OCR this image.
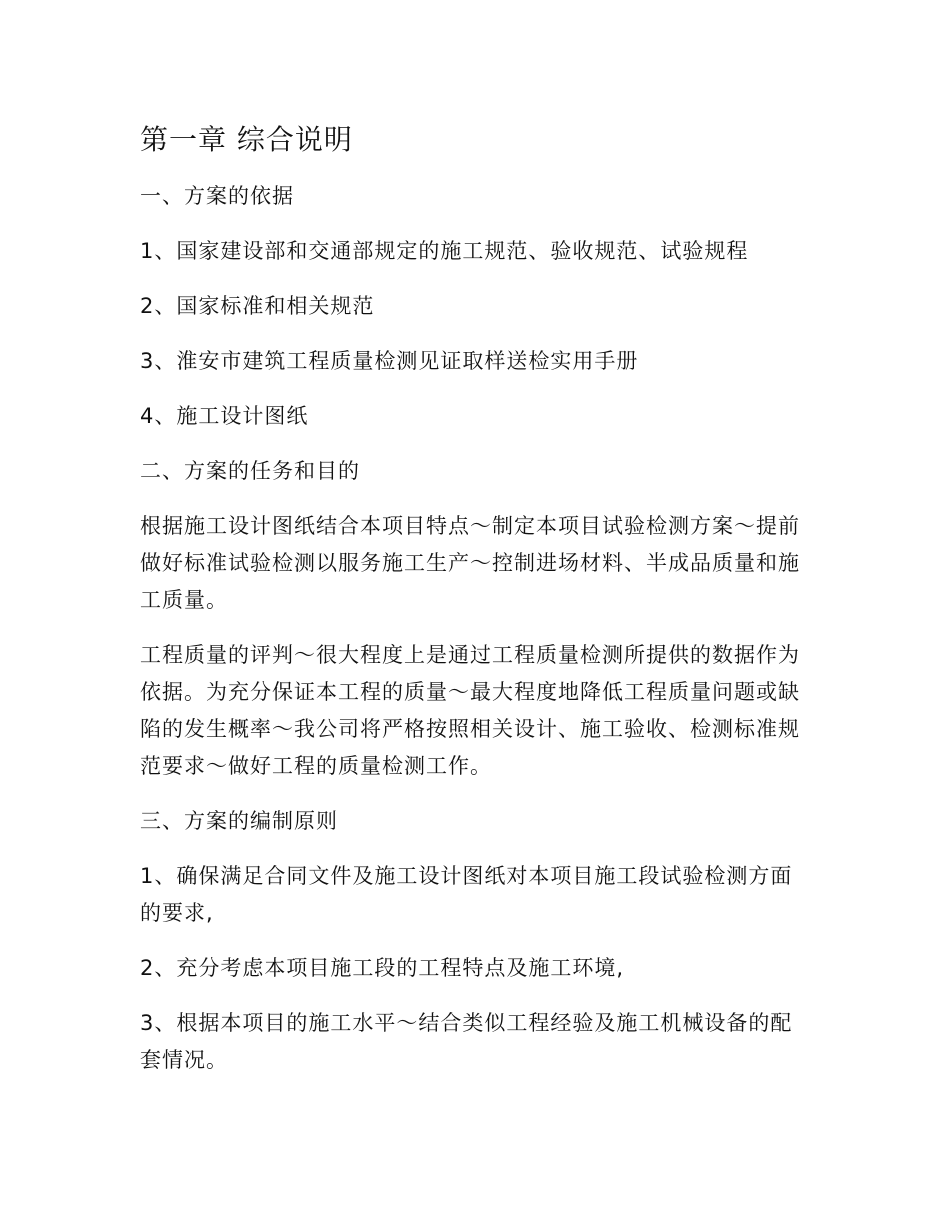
第一章 综合说明

一、方案的依据

1、国家建设部和交通部规定的施工规范、验收规范、试验规程

2、国家标准和相关规范

3、淮安市建筑工程质量检测见证取样送检实用手册

4、施工设计图纸

二、方案的任务和目的

根据施工设计图纸结合本项目特点～制定本项目试验检测方案～提前做好标准试验检测以服务施工生产～控制进场材料、半成品质量和施工质量。

工程质量的评判～很大程度上是通过工程质量检测所提供的数据作为依据。为充分保证本工程的质量～最大程度地降低工程质量问题或缺陷的发生概率～我公司将严格按照相关设计、施工验收、检测标准规范要求～做好工程的质量检测工作。

三、方案的编制原则

1、确保满足合同文件及施工设计图纸对本项目施工段试验检测方面的要求,

2、充分考虑本项目施工段的工程特点及施工环境,

3、根据本项目的施工水平～结合类似工程经验及施工机械设备的配套情况。
